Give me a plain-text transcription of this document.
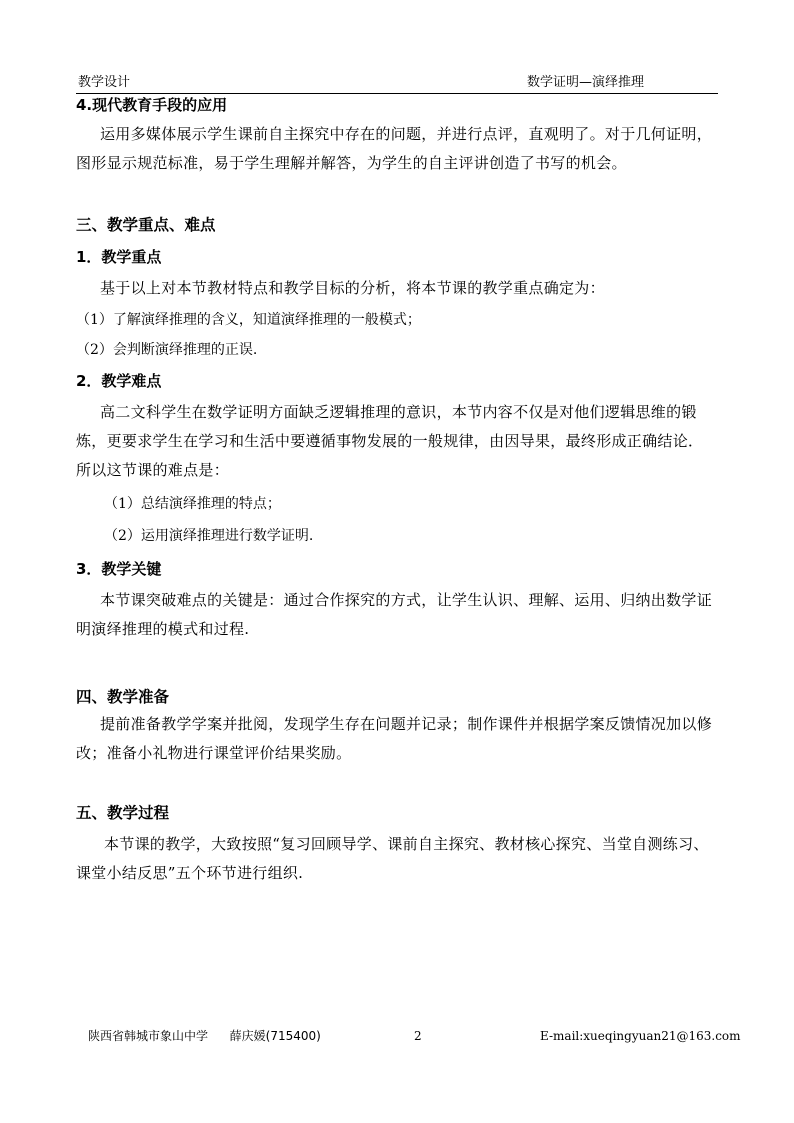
教学设计	数学证明—演绎推理
4.现代教育手段的应用
运用多媒体展示学生课前自主探究中存在的问题，并进行点评，直观明了。对于几何证明，图形显示规范标准，易于学生理解并解答，为学生的自主评讲创造了书写的机会。
三、教学重点、难点
1．教学重点
基于以上对本节教材特点和教学目标的分析，将本节课的教学重点确定为：
（1）了解演绎推理的含义，知道演绎推理的一般模式；
（2）会判断演绎推理的正误.
2．教学难点
高二文科学生在数学证明方面缺乏逻辑推理的意识，本节内容不仅是对他们逻辑思维的锻炼，更要求学生在学习和生活中要遵循事物发展的一般规律，由因导果，最终形成正确结论．所以这节课的难点是：
（1）总结演绎推理的特点；
（2）运用演绎推理进行数学证明.
3．教学关键
本节课突破难点的关键是：通过合作探究的方式，让学生认识、理解、运用、归纳出数学证明演绎推理的模式和过程.
四、教学准备
提前准备教学学案并批阅，发现学生存在问题并记录；制作课件并根据学案反馈情况加以修改；准备小礼物进行课堂评价结果奖励。
五、教学过程
本节课的教学，大致按照“复习回顾导学、课前自主探究、教材核心探究、当堂自测练习、课堂小结反思”五个环节进行组织.
陕西省韩城市象山中学 薛庆媛(715400)	2	E-mail:xueqingyuan21@163.com
